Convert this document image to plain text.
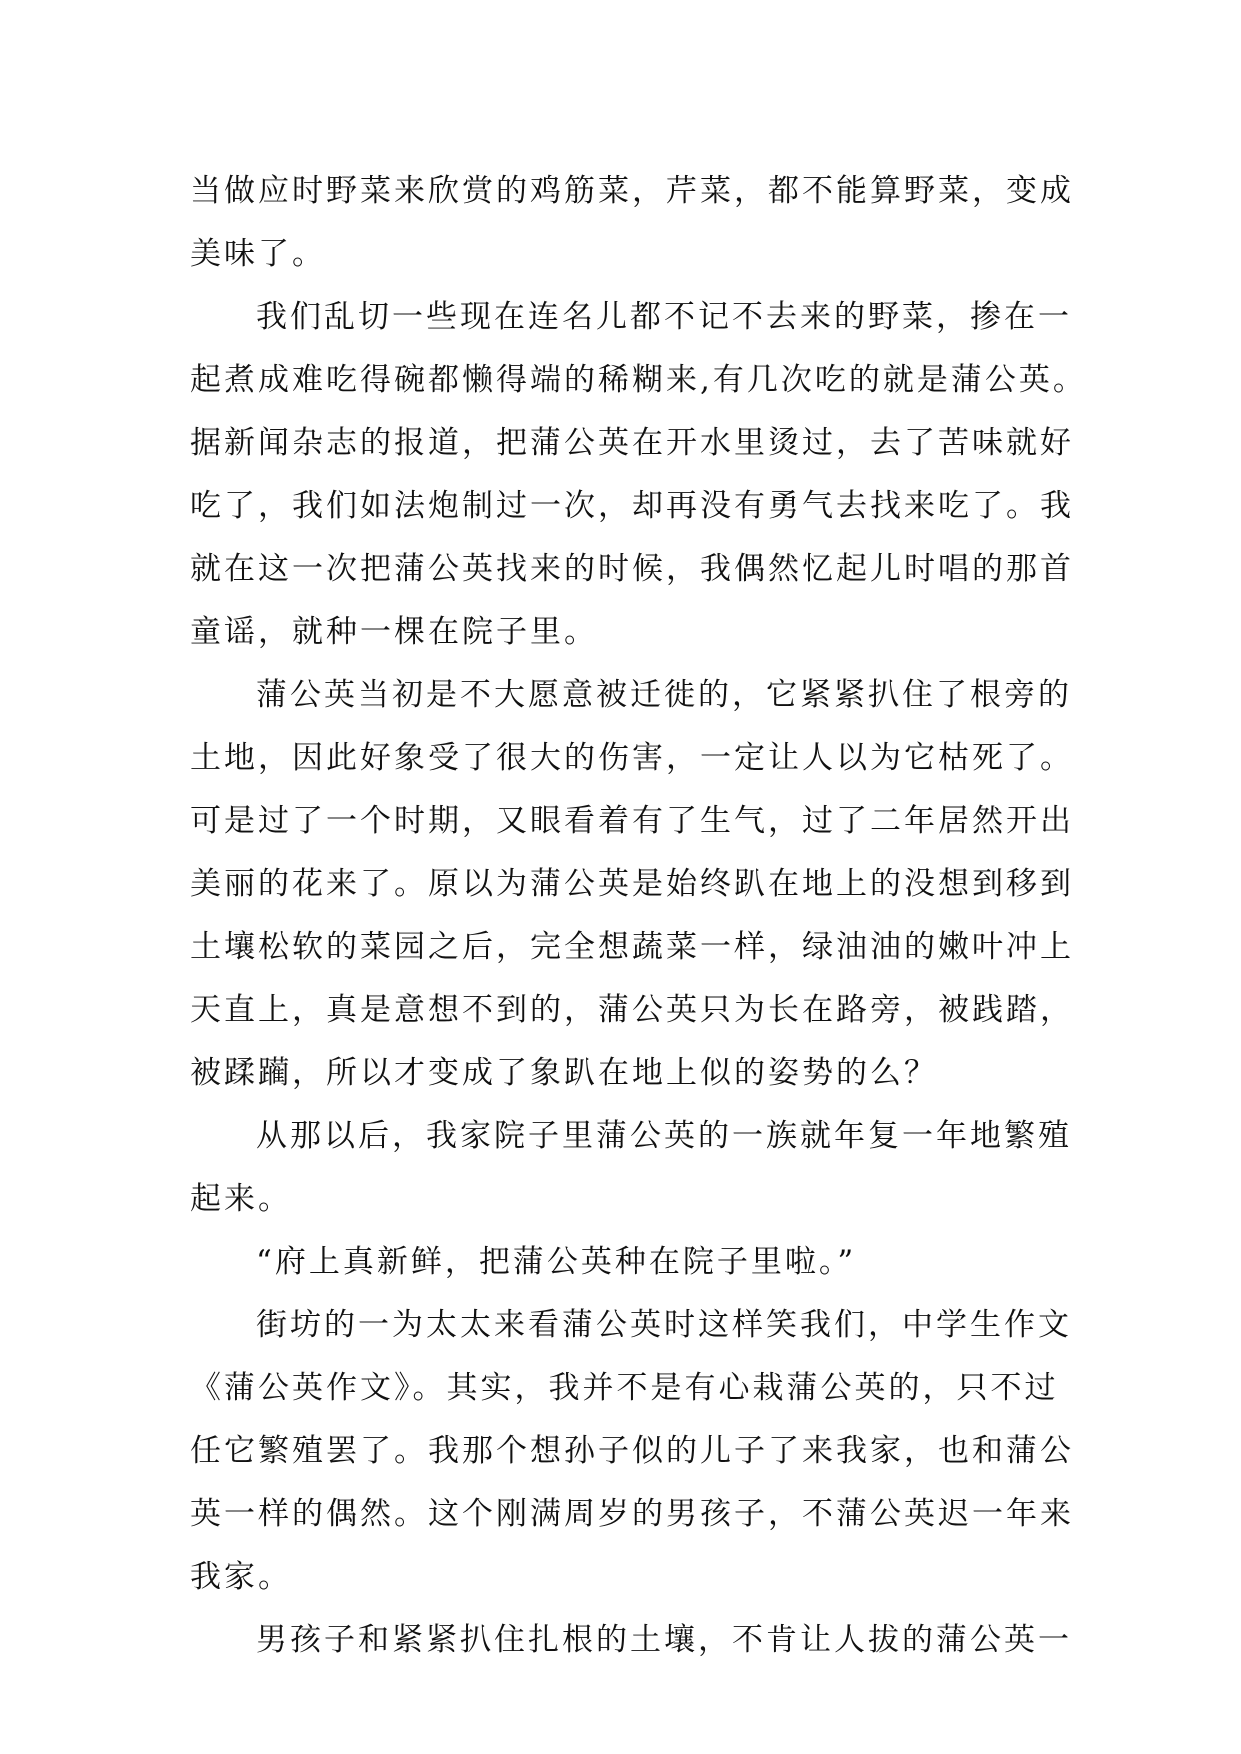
当做应时野菜来欣赏的鸡筋菜，芹菜，都不能算野菜，变成
美味了。
我们乱切一些现在连名儿都不记不去来的野菜，掺在一
起煮成难吃得碗都懒得端的稀糊来,有几次吃的就是蒲公英。
据新闻杂志的报道，把蒲公英在开水里烫过，去了苦味就好
吃了，我们如法炮制过一次，却再没有勇气去找来吃了。我
就在这一次把蒲公英找来的时候，我偶然忆起儿时唱的那首
童谣，就种一棵在院子里。
蒲公英当初是不大愿意被迁徙的，它紧紧扒住了根旁的
土地，因此好象受了很大的伤害，一定让人以为它枯死了。
可是过了一个时期，又眼看着有了生气，过了二年居然开出
美丽的花来了。原以为蒲公英是始终趴在地上的没想到移到
土壤松软的菜园之后，完全想蔬菜一样，绿油油的嫩叶冲上
天直上，真是意想不到的，蒲公英只为长在路旁，被践踏，
被蹂躏，所以才变成了象趴在地上似的姿势的么？
从那以后，我家院子里蒲公英的一族就年复一年地繁殖
起来。
“府上真新鲜，把蒲公英种在院子里啦。”
街坊的一为太太来看蒲公英时这样笑我们，中学生作文
《蒲公英作文》。其实，我并不是有心栽蒲公英的，只不过
任它繁殖罢了。我那个想孙子似的儿子了来我家，也和蒲公
英一样的偶然。这个刚满周岁的男孩子，不蒲公英迟一年来
我家。
男孩子和紧紧扒住扎根的土壤，不肯让人拔的蒲公英一
